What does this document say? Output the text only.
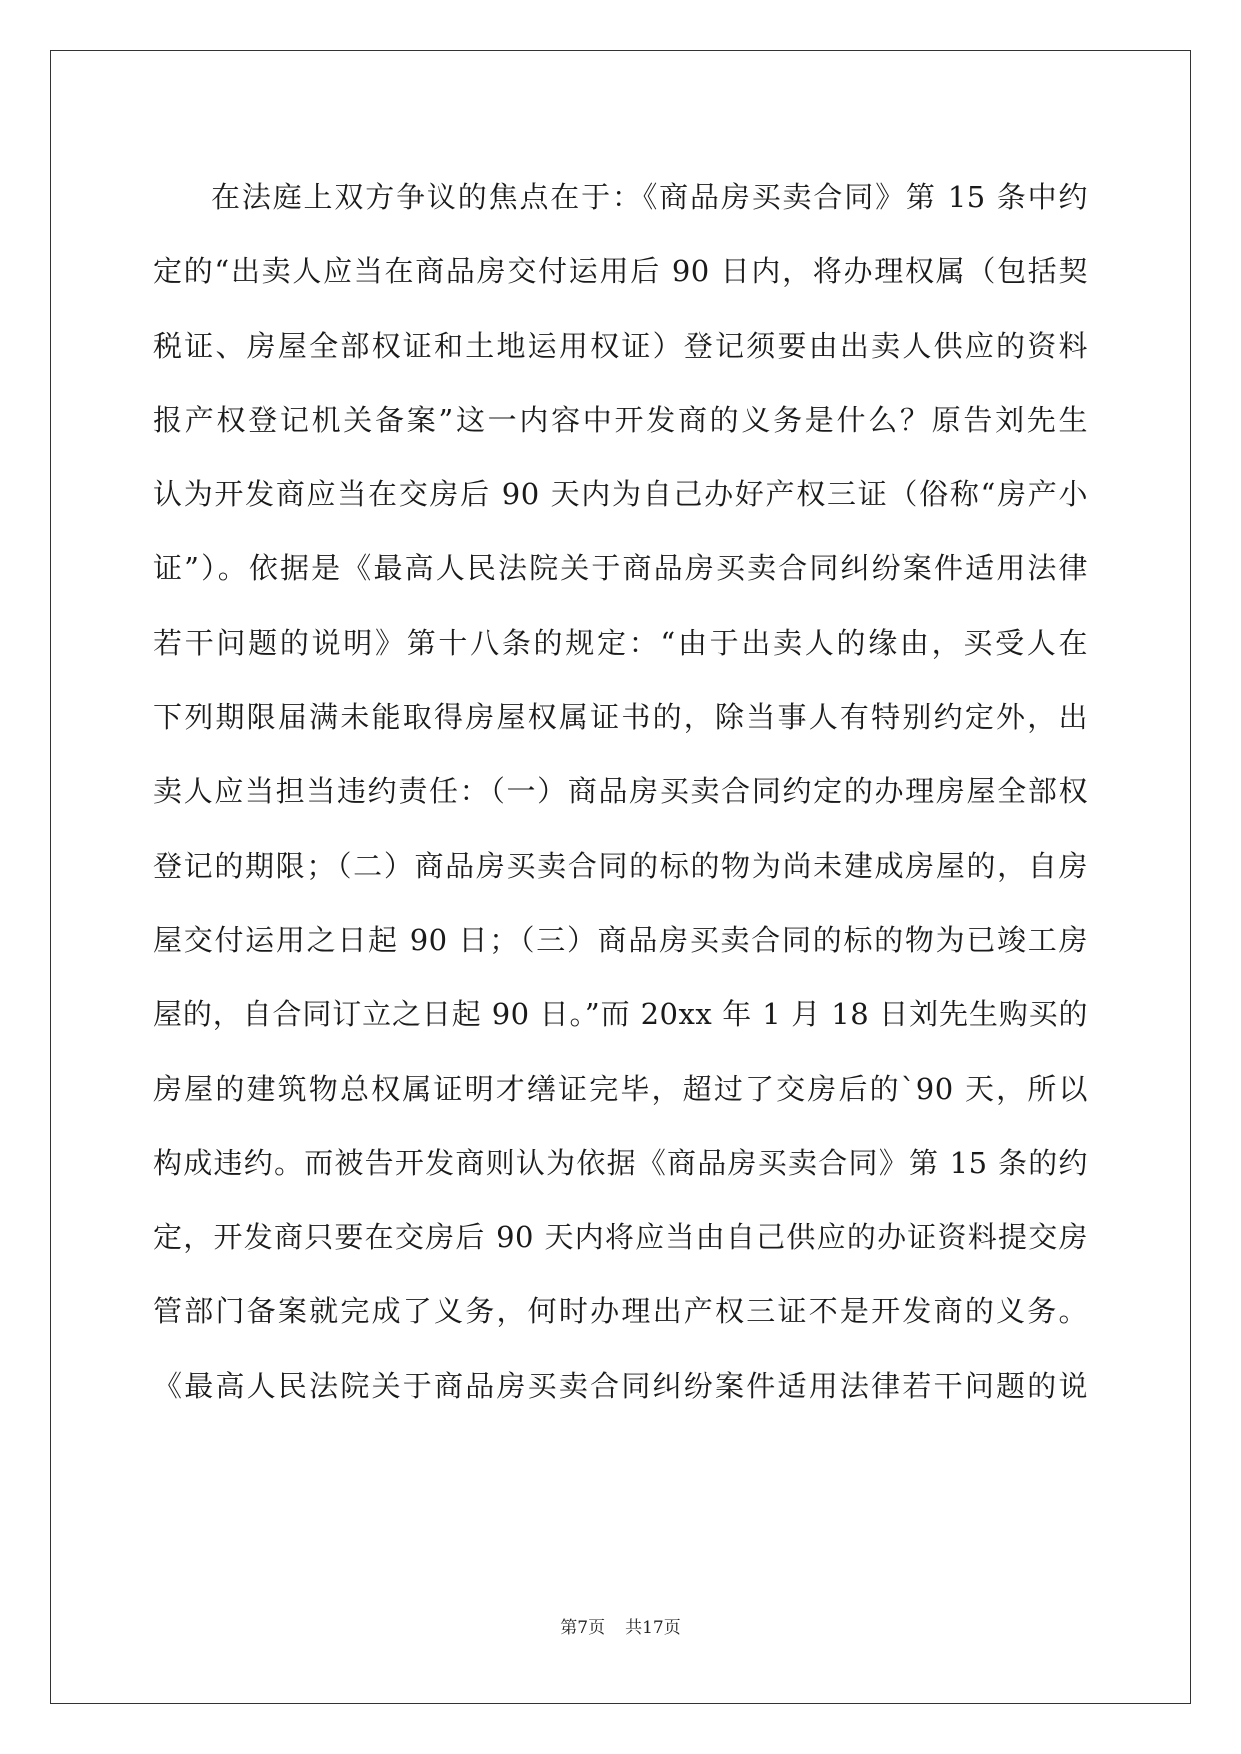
在法庭上双方争议的焦点在于：《商品房买卖合同》第 15 条中约
定的“出卖人应当在商品房交付运用后 90 日内，将办理权属（包括契
税证、房屋全部权证和土地运用权证）登记须要由出卖人供应的资料
报产权登记机关备案”这一内容中开发商的义务是什么？原告刘先生
认为开发商应当在交房后 90 天内为自己办好产权三证（俗称“房产小
证”）。依据是《最高人民法院关于商品房买卖合同纠纷案件适用法律
若干问题的说明》第十八条的规定：“由于出卖人的缘由，买受人在
下列期限届满未能取得房屋权属证书的，除当事人有特别约定外，出
卖人应当担当违约责任：（一）商品房买卖合同约定的办理房屋全部权
登记的期限；（二）商品房买卖合同的标的物为尚未建成房屋的，自房
屋交付运用之日起 90 日；（三）商品房买卖合同的标的物为已竣工房
屋的，自合同订立之日起 90 日。”而 20xx 年 1 月 18 日刘先生购买的
房屋的建筑物总权属证明才缮证完毕，超过了交房后的`90 天，所以
构成违约。而被告开发商则认为依据《商品房买卖合同》第 15 条的约
定，开发商只要在交房后 90 天内将应当由自己供应的办证资料提交房
管部门备案就完成了义务，何时办理出产权三证不是开发商的义务。
《最高人民法院关于商品房买卖合同纠纷案件适用法律若干问题的说
第7页 共17页
